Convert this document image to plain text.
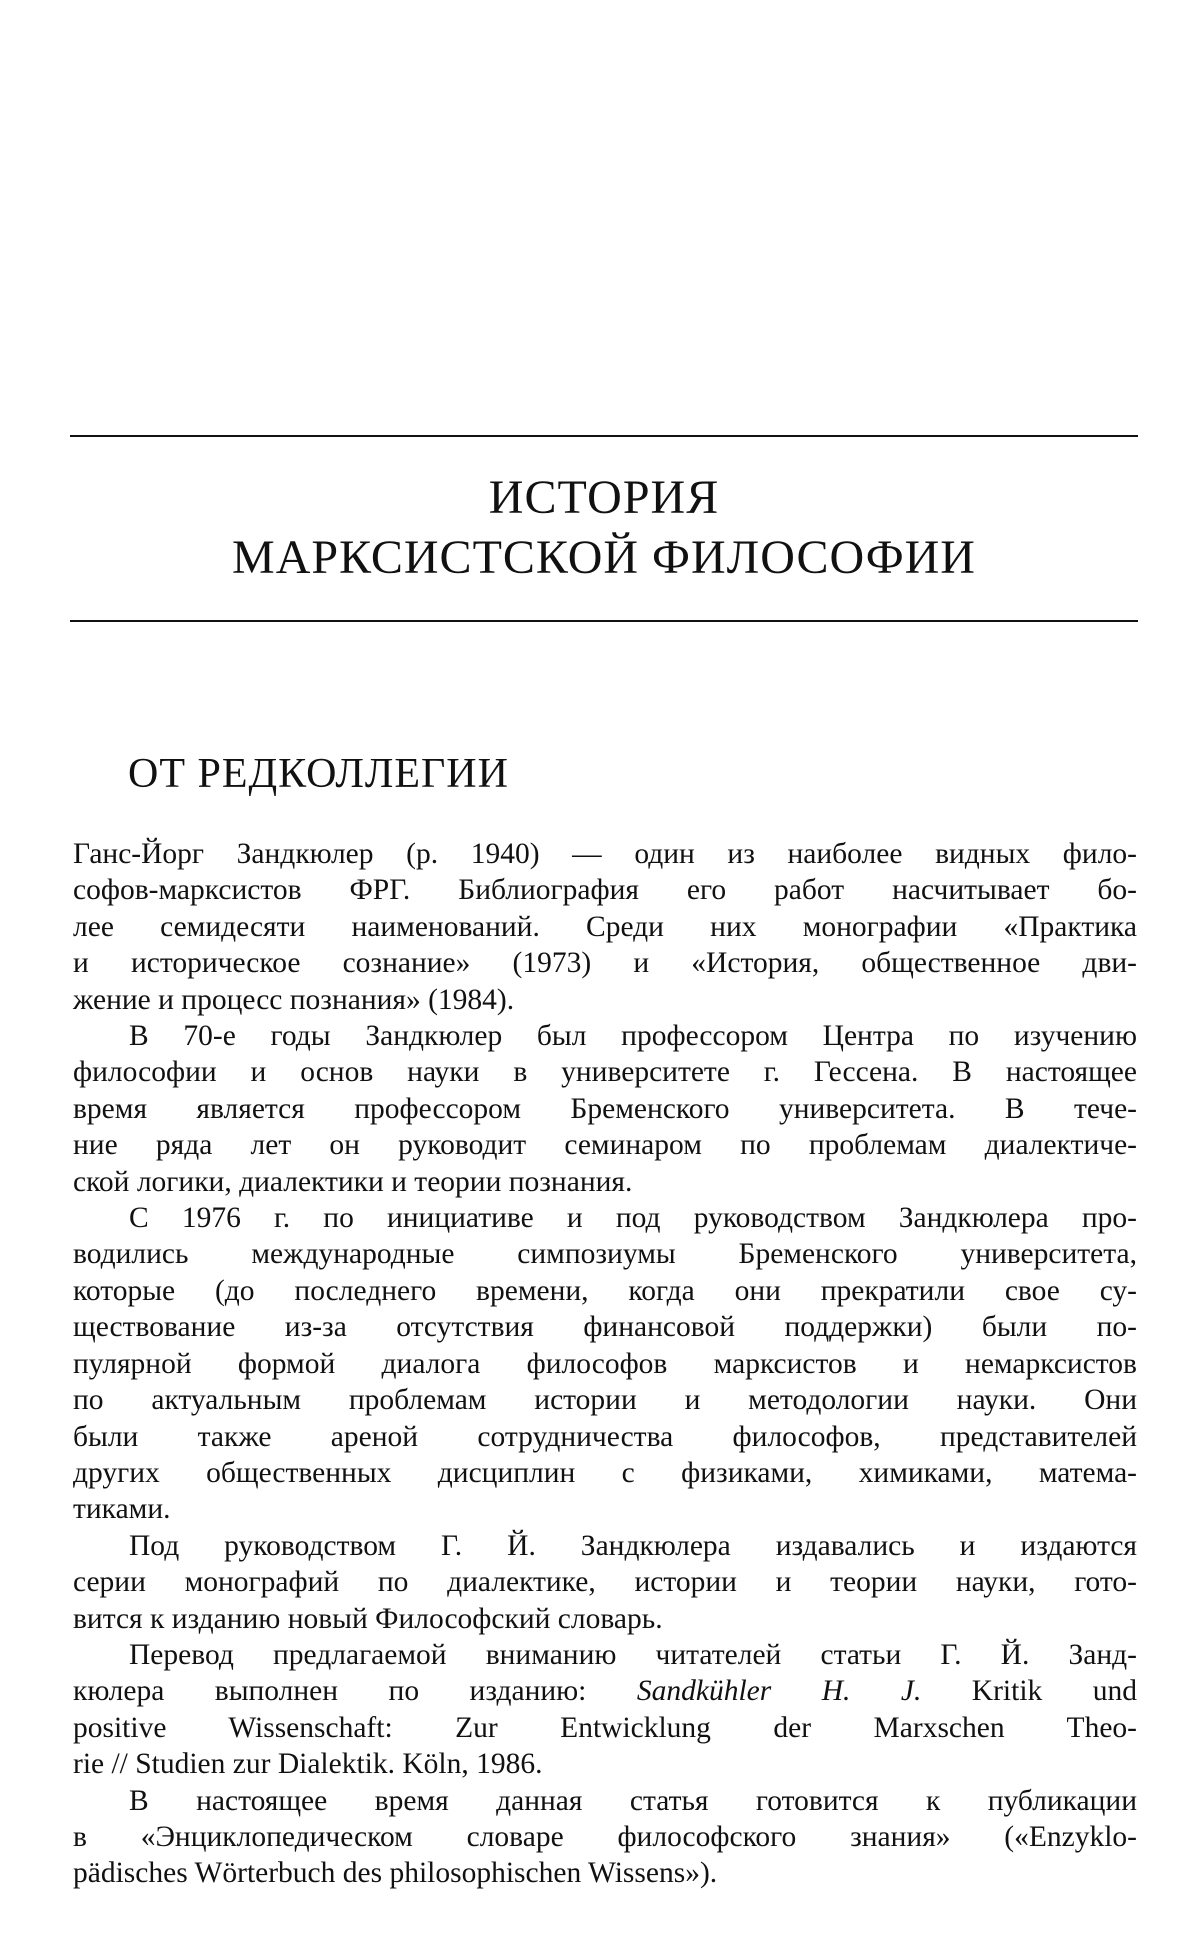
ИСТОРИЯ
МАРКСИСТСКОЙ ФИЛОСОФИИ
ОТ РЕДКОЛЛЕГИИ
Ганс-Йорг Зандкюлер (р. 1940) — один из наиболее видных фило-
софов-марксистов ФРГ. Библиография его работ насчитывает бо-
лее семидесяти наименований. Среди них монографии «Практика
и историческое сознание» (1973) и «История, общественное дви-
жение и процесс познания» (1984).
В 70-е годы Зандкюлер был профессором Центра по изучению
философии и основ науки в университете г. Гессена. В настоящее
время является профессором Бременского университета. В тече-
ние ряда лет он руководит семинаром по проблемам диалектиче-
ской логики, диалектики и теории познания.
С 1976 г. по инициативе и под руководством Зандкюлера про-
водились международные симпозиумы Бременского университета,
которые (до последнего времени, когда они прекратили свое су-
ществование из-за отсутствия финансовой поддержки) были по-
пулярной формой диалога философов марксистов и немарксистов
по актуальным проблемам истории и методологии науки. Они
были также ареной сотрудничества философов, представителей
других общественных дисциплин с физиками, химиками, матема-
тиками.
Под руководством Г. Й. Зандкюлера издавались и издаются
серии монографий по диалектике, истории и теории науки, гото-
вится к изданию новый Философский словарь.
Перевод предлагаемой вниманию читателей статьи Г. Й. Занд-
кюлера выполнен по изданию: Sandkühler H. J. Kritik und
positive Wissenschaft: Zur Entwicklung der Marxschen Theo-
rie // Studien zur Dialektik. Köln, 1986.
В настоящее время данная статья готовится к публикации
в «Энциклопедическом словаре философского знания» («Enzyklo-
pädisches Wörterbuch des philosophischen Wissens»).
